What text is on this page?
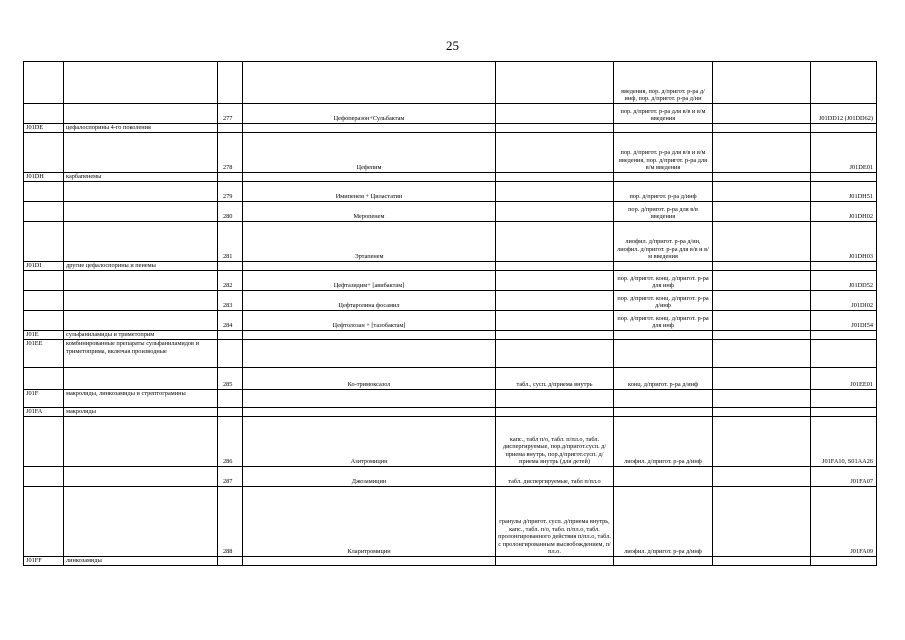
25
					введения, пор. д/пригот. р-ра д/инф, пор. д/пригот. р-ра д/ин		
		277	Цефоперазон+Сульбактам		пор. д/пригот. р-ра для в/в и в/м введения		J01DD12 (J01DD62)
J01DE	цефалоспорины 4-го поколения						
		278	Цефепим		пор. д/пригот. р-ра для в/в и в/м введения, пор. д/пригот. р-ра для в/м введения		J01DE01
J01DH	карбапенемы						
		279	Имипенем + Циластатин		пор. д/пригот. р-ра д/инф		J01DH51
		280	Меропенем		пор. д/пригот. р-ра для в/в введения		J01DH02
		281	Эртапенем		лиофил. д/пригот. р-ра д/ин, лиофил. д/пригот. р-ра для в/в и в/м введения		J01DH03
J01DI	другие цефалоспорины и пенемы						
		282	Цефтазидим+ [авибактам]		пор. д/пригот. конц. д/пригот. р-ра для инф		J01DD52
		283	Цефтаролина фосамил		пор. д/пригот. конц. д/пригот. р-ра д/инф		J01DI02
		284	Цефтолозан + [тазобактам]		пор. д/пригот. конц. д/пригот. р-ра для инф		J01DI54
J01E	сульфаниламиды и триметоприм						
J01EE	комбинированные препараты сульфаниламидов и триметоприма, включая производные						
		285	Ко-тримоксазол	табл., сусп. д/приема внутрь	конц. д/пригот. р-ра д/инф		J01EE01
J01F	макролиды, линкозамиды и стрептограмины						
J01FA	макролиды						
		286	Азитромицин	капс., табл п/о, табл. п/пл.о, табл. диспергируемые, пор.д/пригот.сусп. д/приема внутрь, пор.д/пригот.сусп. д/приема внутрь (для детей)	лиофил. д/пригот. р-ра д/инф		J01FA10, S01AA26
		287	Джозамицин	табл. диспергируемые, табл п/пл.о			J01FA07
		288	Кларитромицин	гранулы д/пригот. сусп. д/приема внутрь, капс., табл. п/о, табл. п/пл.о, табл. пролонгированного действия п/пл.о, табл. с пролонгированным высвобождением, п/пл.о.	лиофил. д/пригот. р-ра д/инф		J01FA09
J01FF	линкозамиды						
